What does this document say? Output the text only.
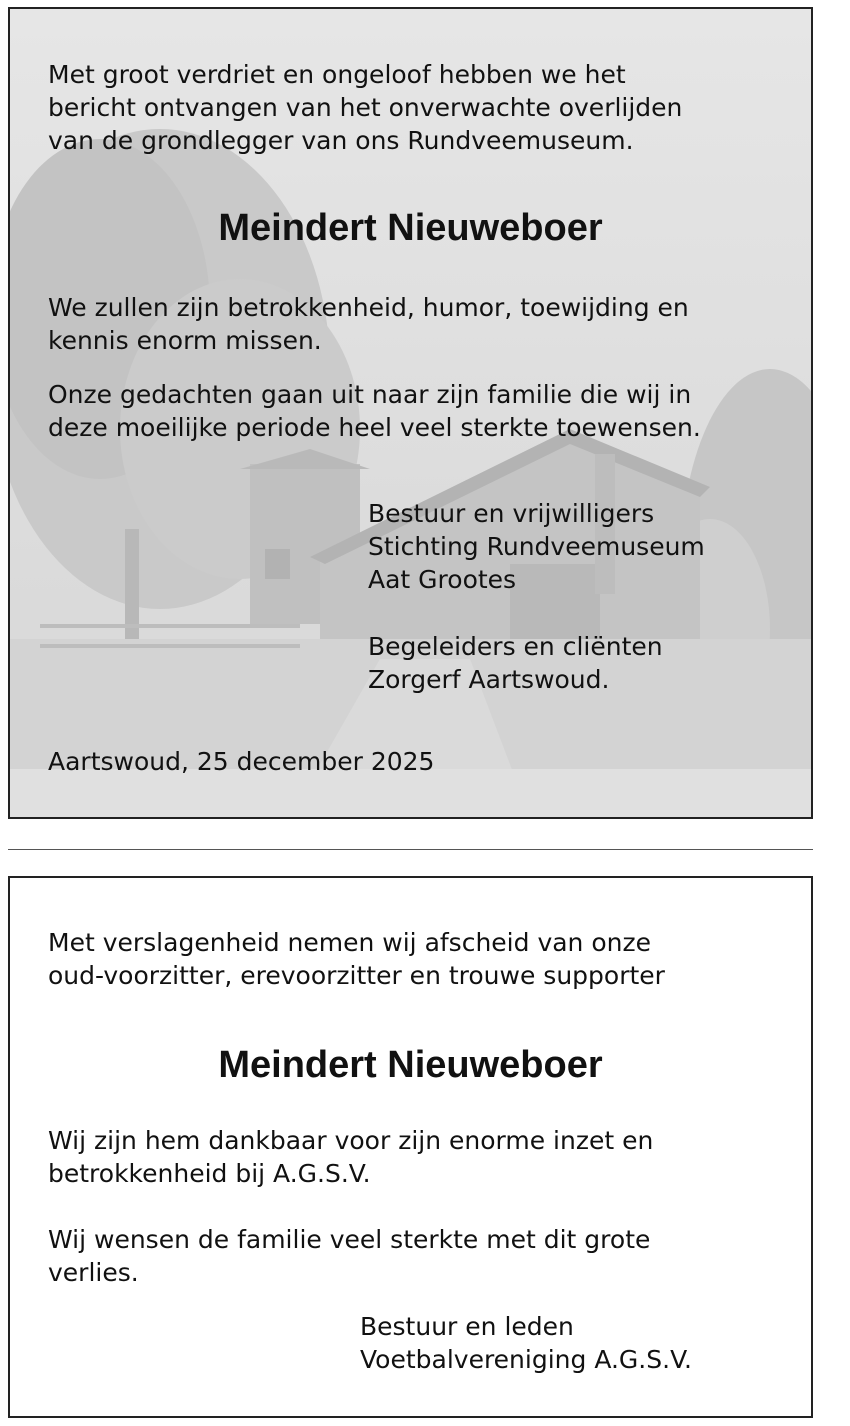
Met groot verdriet en ongeloof hebben we het

bericht ontvangen van het onverwachte overlijden

van de grondlegger van ons Rundveemuseum.

Meindert Nieuweboer

We zullen zijn betrokkenheid, humor, toewijding en

kennis enorm missen.

Onze gedachten gaan uit naar zijn familie die wij in

deze moeilijke periode heel veel sterkte toewensen.

Bestuur en vrijwilligers

Stichting Rundveemuseum

Aat Grootes

Begeleiders en cliënten

Zorgerf Aartswoud.

Aartswoud, 25 december 2025

Met verslagenheid nemen wij afscheid van onze

oud-voorzitter, erevoorzitter en trouwe supporter

Meindert Nieuweboer

Wij zijn hem dankbaar voor zijn enorme inzet en

betrokkenheid bij A.G.S.V.

Wij wensen de familie veel sterkte met dit grote

verlies.

Bestuur en leden

Voetbalvereniging A.G.S.V.
